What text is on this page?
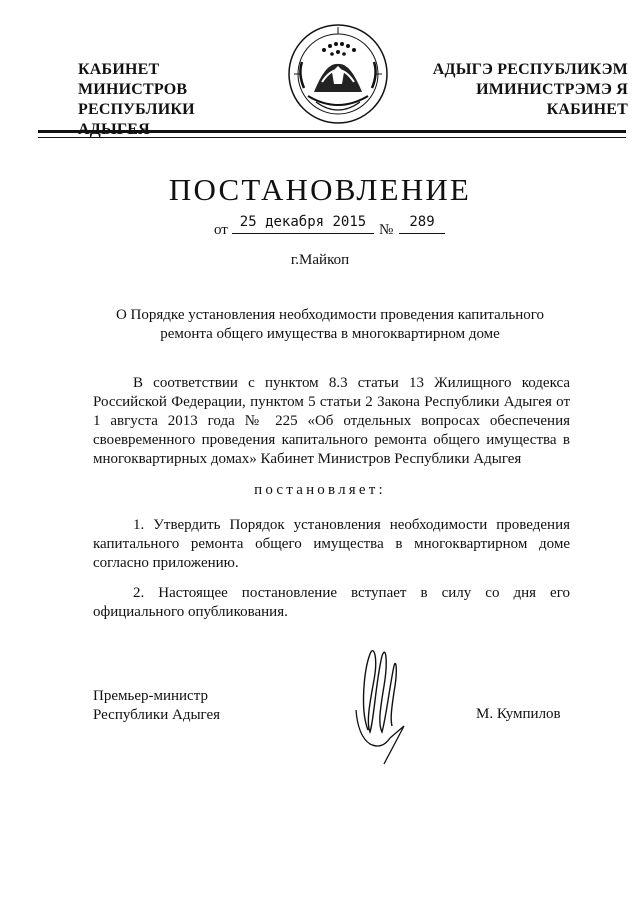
КАБИНЕТ МИНИСТРОВ
РЕСПУБЛИКИ
АДЫГЭ РЕСПУБЛИКЭМ
ИМИНИСТРЭМЭ Я КАБИНЕТ
ПОСТАНОВЛЕНИЕ
от 25 декабря 2015 №	289
г.Майкоп
О Порядке установления необходимости проведения капитального
ремонта общего имущества в многоквартирном доме
В соответствии с пунктом 8.3 статьи 13 Жилищного кодекса Российской Федерации, пунктом 5 статьи 2 Закона Республики Адыгея от 1 августа 2013 года № 225 «Об отдельных вопросах обеспечения своевременного проведения капитального ремонта общего имущества в многоквартирных домах» Кабинет Министров Республики Адыгея
постановляет:
1. Утвердить Порядок установления необходимости проведения капитального ремонта общего имущества в многоквартирном доме согласно приложению.
2. Настоящее постановление вступает в силу со дня его официального опубликования.
Премьер-министр
Республики Адыгея	М. Кумпилов
